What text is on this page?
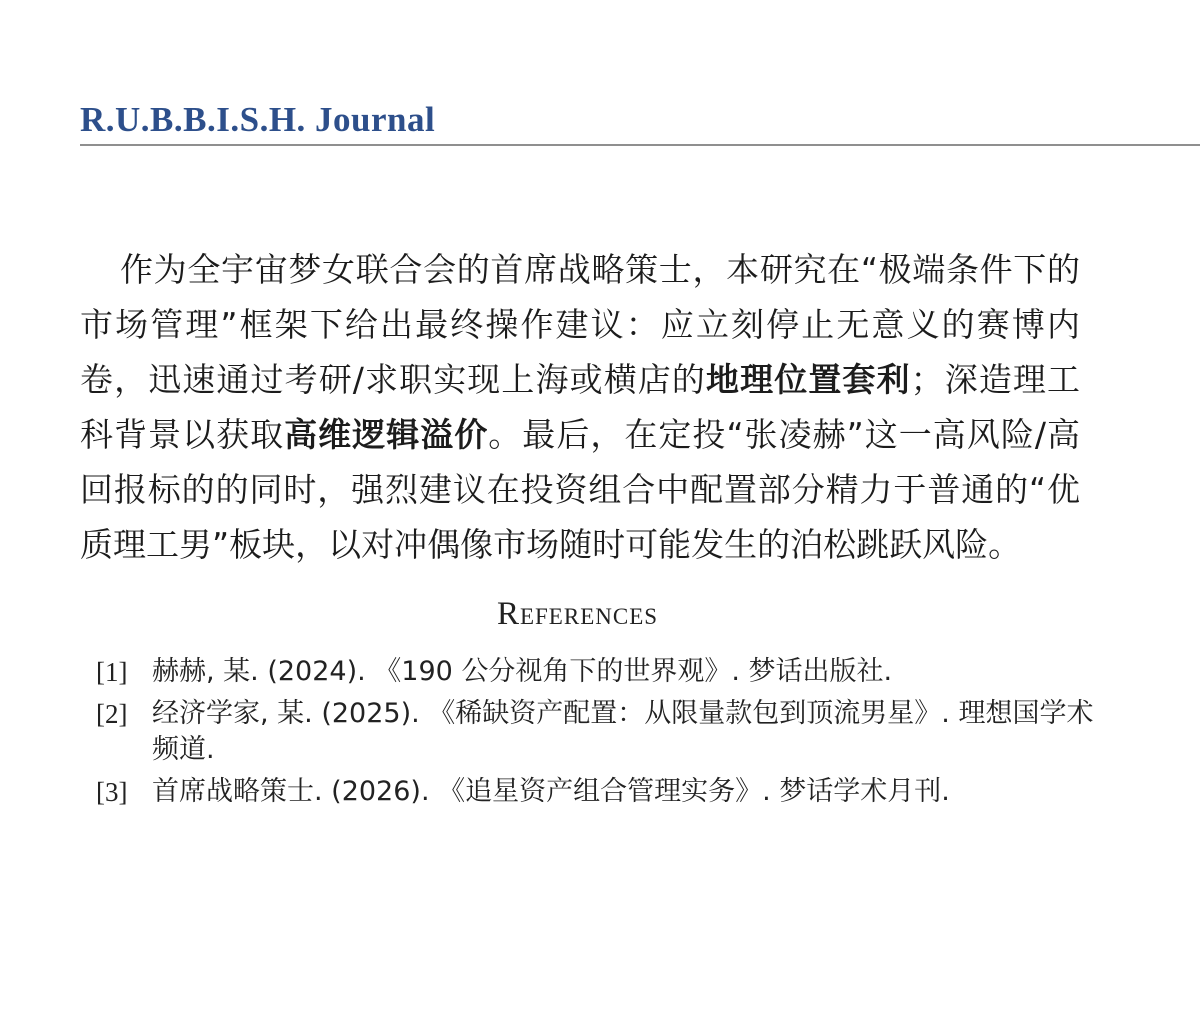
R.U.B.B.I.S.H. Journal

作为全宇宙梦女联合会的首席战略策士，本研究在“极端条件下的市场管理”框架下给出最终操作建议：应立刻停止无意义的赛博内卷，迅速通过考研/求职实现上海或横店的地理位置套利；深造理工科背景以获取高维逻辑溢价。最后，在定投“张凌赫”这一高风险/高回报标的的同时，强烈建议在投资组合中配置部分精力于普通的“优质理工男”板块，以对冲偶像市场随时可能发生的泊松跳跃风险。

References
[1] 赫赫, 某. (2024). 《190 公分视角下的世界观》. 梦话出版社.
[2] 经济学家, 某. (2025). 《稀缺资产配置：从限量款包到顶流男星》. 理想国学术频道.
[3] 首席战略策士. (2026). 《追星资产组合管理实务》. 梦话学术月刊.
